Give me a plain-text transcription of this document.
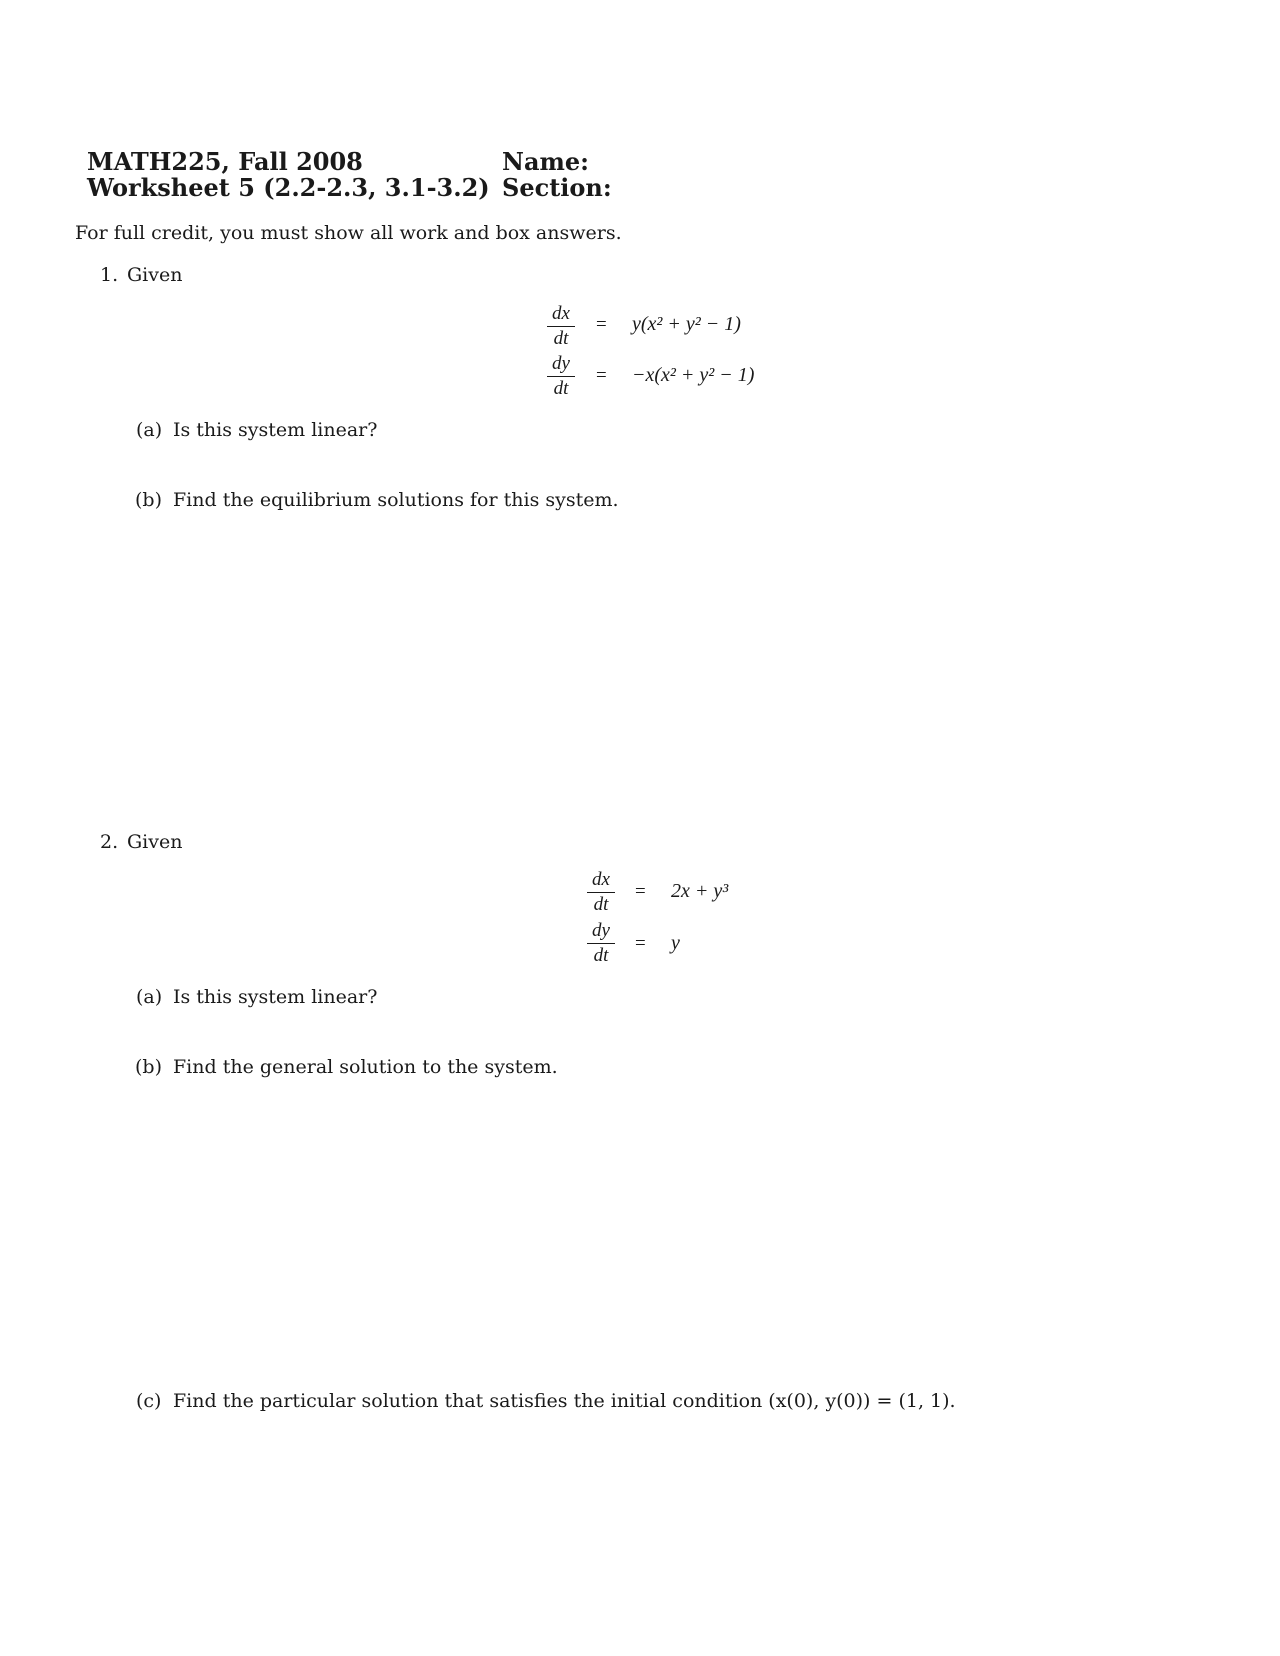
MATH225, Fall 2008
Worksheet 5 (2.2-2.3, 3.1-3.2)
Name:
Section:
For full credit, you must show all work and box answers.
1. Given
$\frac{dx}{dt} = y(x^2 + y^2 - 1)$
$\frac{dy}{dt} = -x(x^2 + y^2 - 1)$
(a) Is this system linear?
(b) Find the equilibrium solutions for this system.
2. Given
$\frac{dx}{dt} = 2x + y^3$
$\frac{dy}{dt} = y$
(a) Is this system linear?
(b) Find the general solution to the system.
(c) Find the particular solution that satisfies the initial condition (x(0), y(0)) = (1, 1).
